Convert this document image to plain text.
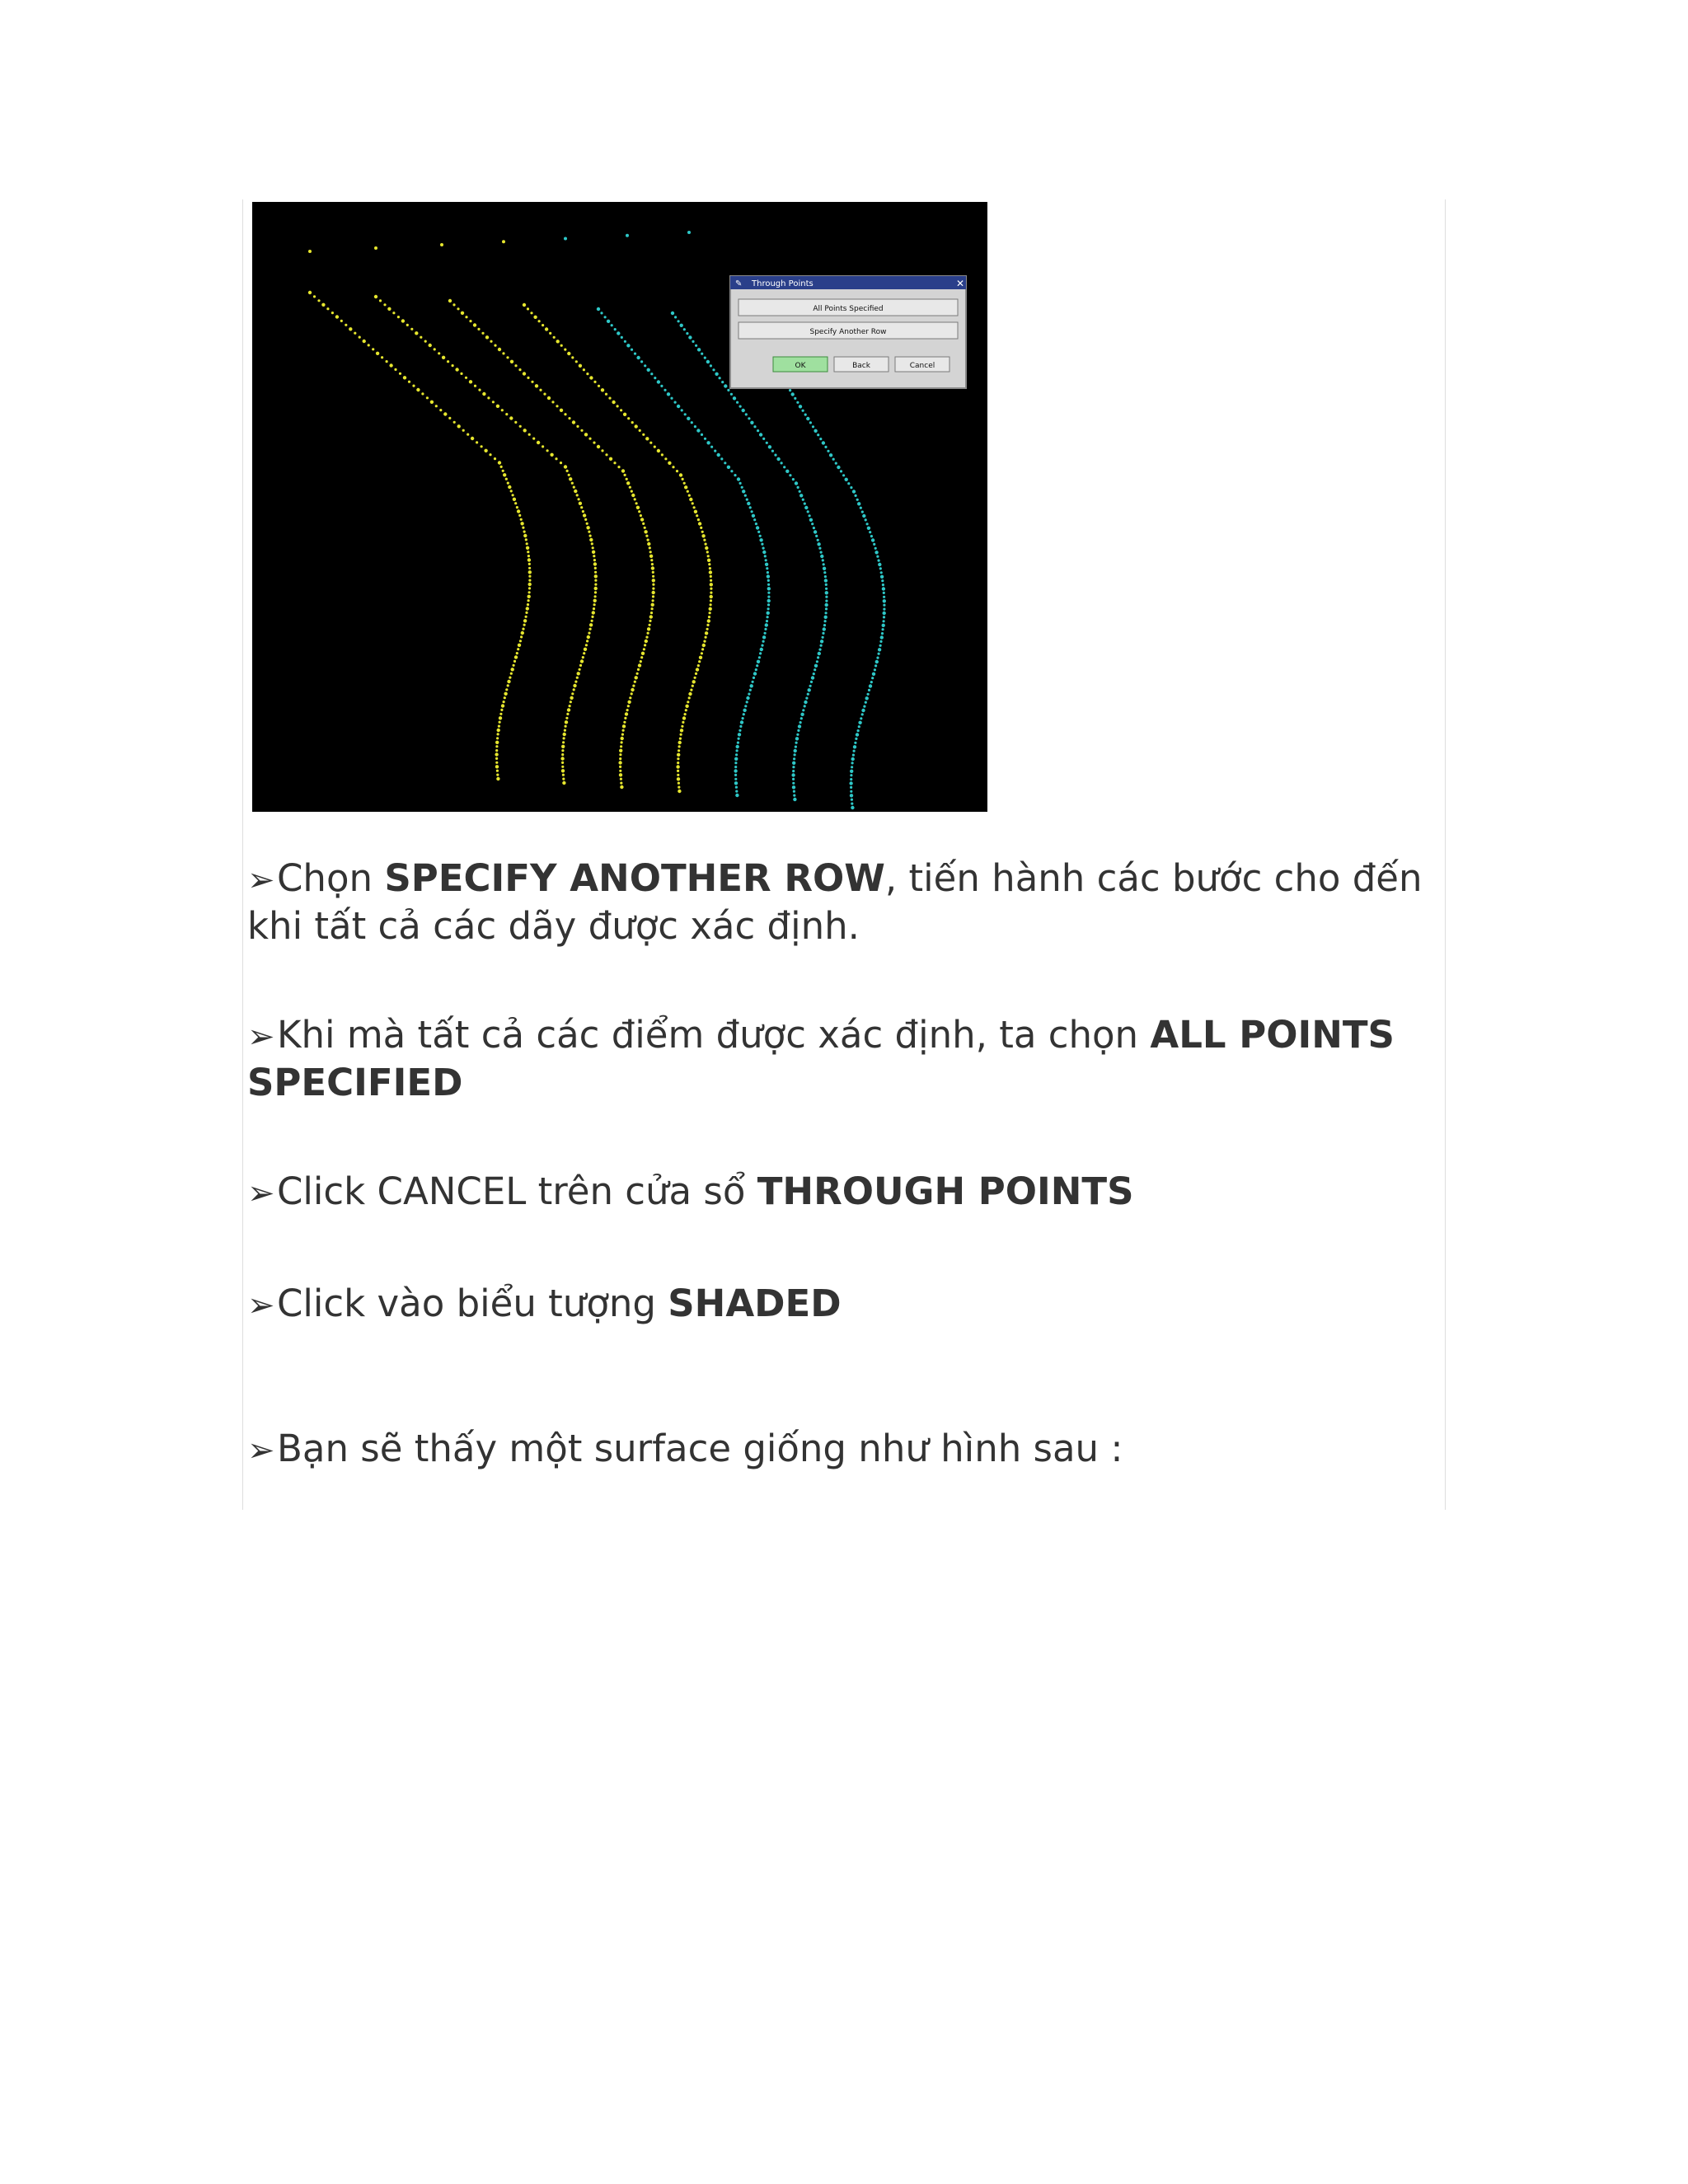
✎ Through Points	✕
All Points Specified
Specify Another Row
OK	Back	Cancel

➢Chọn SPECIFY ANOTHER ROW, tiến hành các bước cho đến khi tất cả các dãy được xác định.

➢Khi mà tất cả các điểm được xác định, ta chọn ALL POINTS SPECIFIED

➢Click CANCEL trên cửa sổ THROUGH POINTS

➢Click vào biểu tượng SHADED

➢Bạn sẽ thấy một surface giống như hình sau :
